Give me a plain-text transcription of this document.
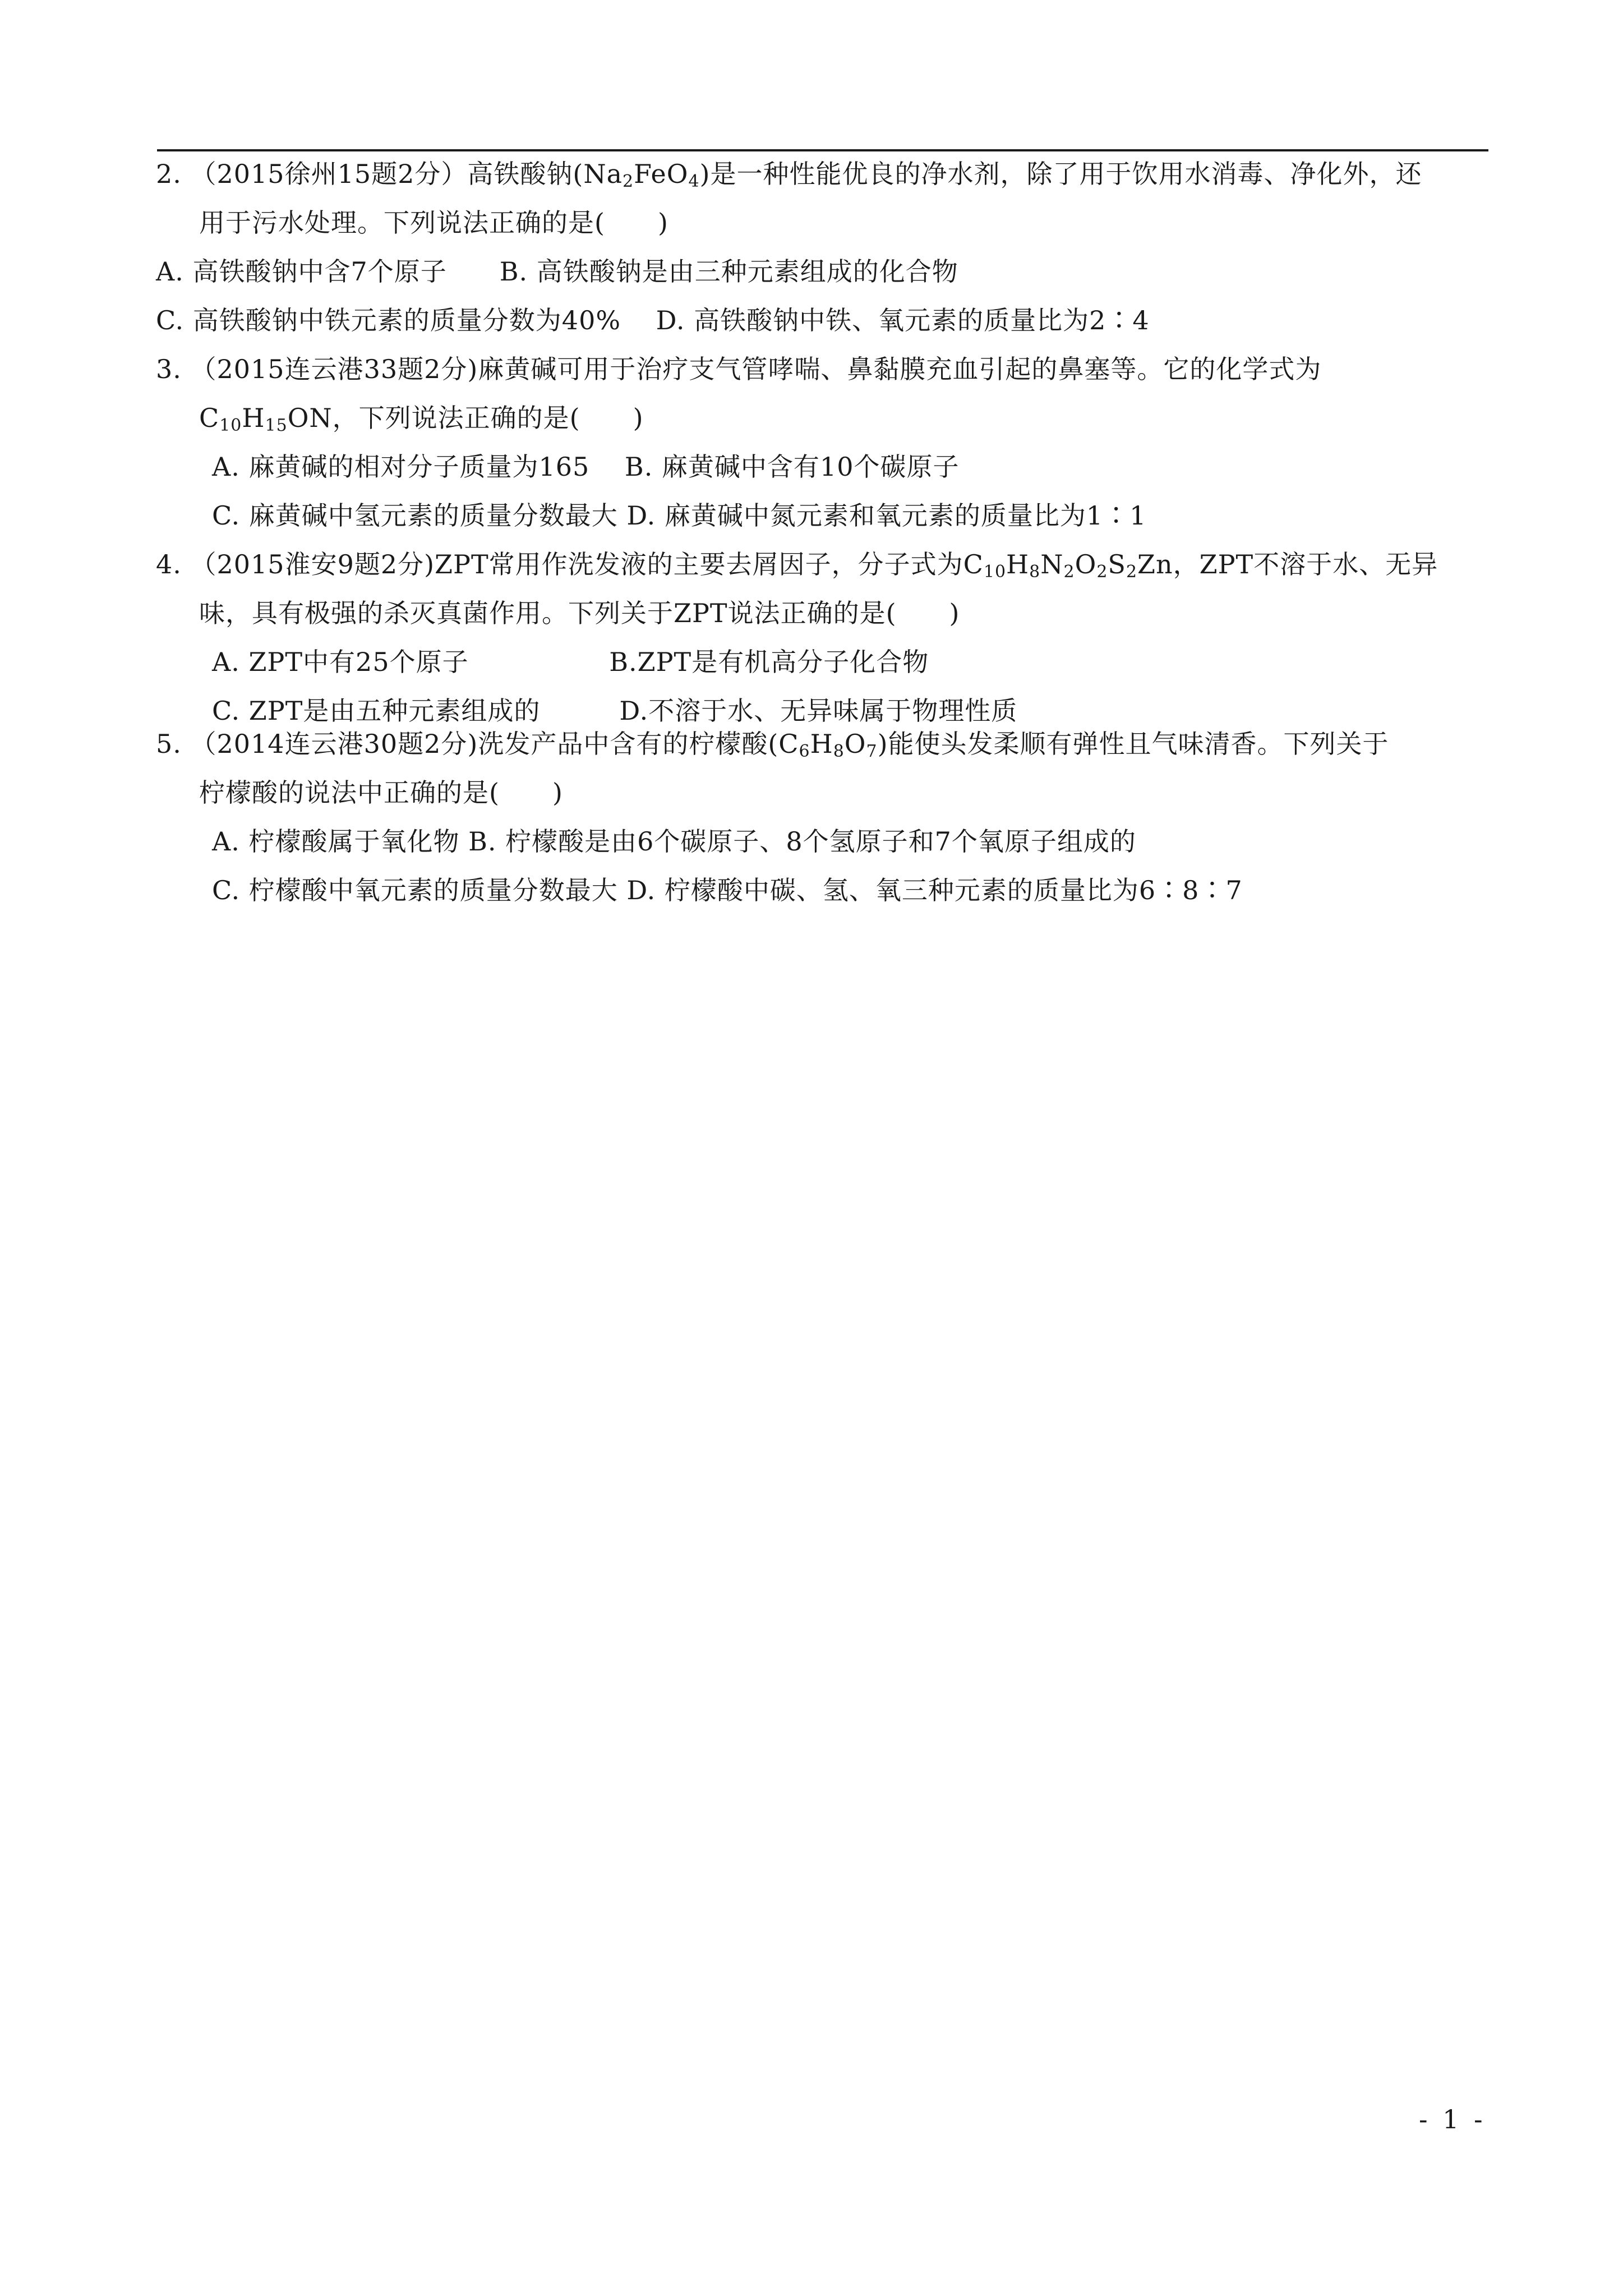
2. （2015徐州15题2分）高铁酸钠$(Na_2FeO_4)$是一种性能优良的净水剂，除了用于饮用水消毒、净化外，还
用于污水处理。下列说法正确的是(　　)
A. 高铁酸钠中含7个原子　　B. 高铁酸钠是由三种元素组成的化合物
C. 高铁酸钠中铁元素的质量分数为40%　 D. 高铁酸钠中铁、氧元素的质量比为2∶4
3. （2015连云港33题2分)麻黄碱可用于治疗支气管哮喘、鼻黏膜充血引起的鼻塞等。它的化学式为
$C_{10}H_{15}ON$，下列说法正确的是(　　)
A. 麻黄碱的相对分子质量为165　 B. 麻黄碱中含有10个碳原子
C. 麻黄碱中氢元素的质量分数最大 D. 麻黄碱中氮元素和氧元素的质量比为1∶1
4. （2015淮安9题2分)ZPT常用作洗发液的主要去屑因子，分子式为$C_{10}H_8N_2O_2S_2Zn$，ZPT不溶于水、无异
味，具有极强的杀灭真菌作用。下列关于ZPT说法正确的是(　　)
A. ZPT中有25个原子　　　　　 B.ZPT是有机高分子化合物
C. ZPT是由五种元素组成的　　　D.不溶于水、无异味属于物理性质
5. （2014连云港30题2分)洗发产品中含有的柠檬酸$(C_6H_8O_7)$能使头发柔顺有弹性且气味清香。下列关于
柠檬酸的说法中正确的是(　　)
A. 柠檬酸属于氧化物 B. 柠檬酸是由6个碳原子、8个氢原子和7个氧原子组成的
C. 柠檬酸中氧元素的质量分数最大 D. 柠檬酸中碳、氢、氧三种元素的质量比为6∶8∶7
- 1 -
